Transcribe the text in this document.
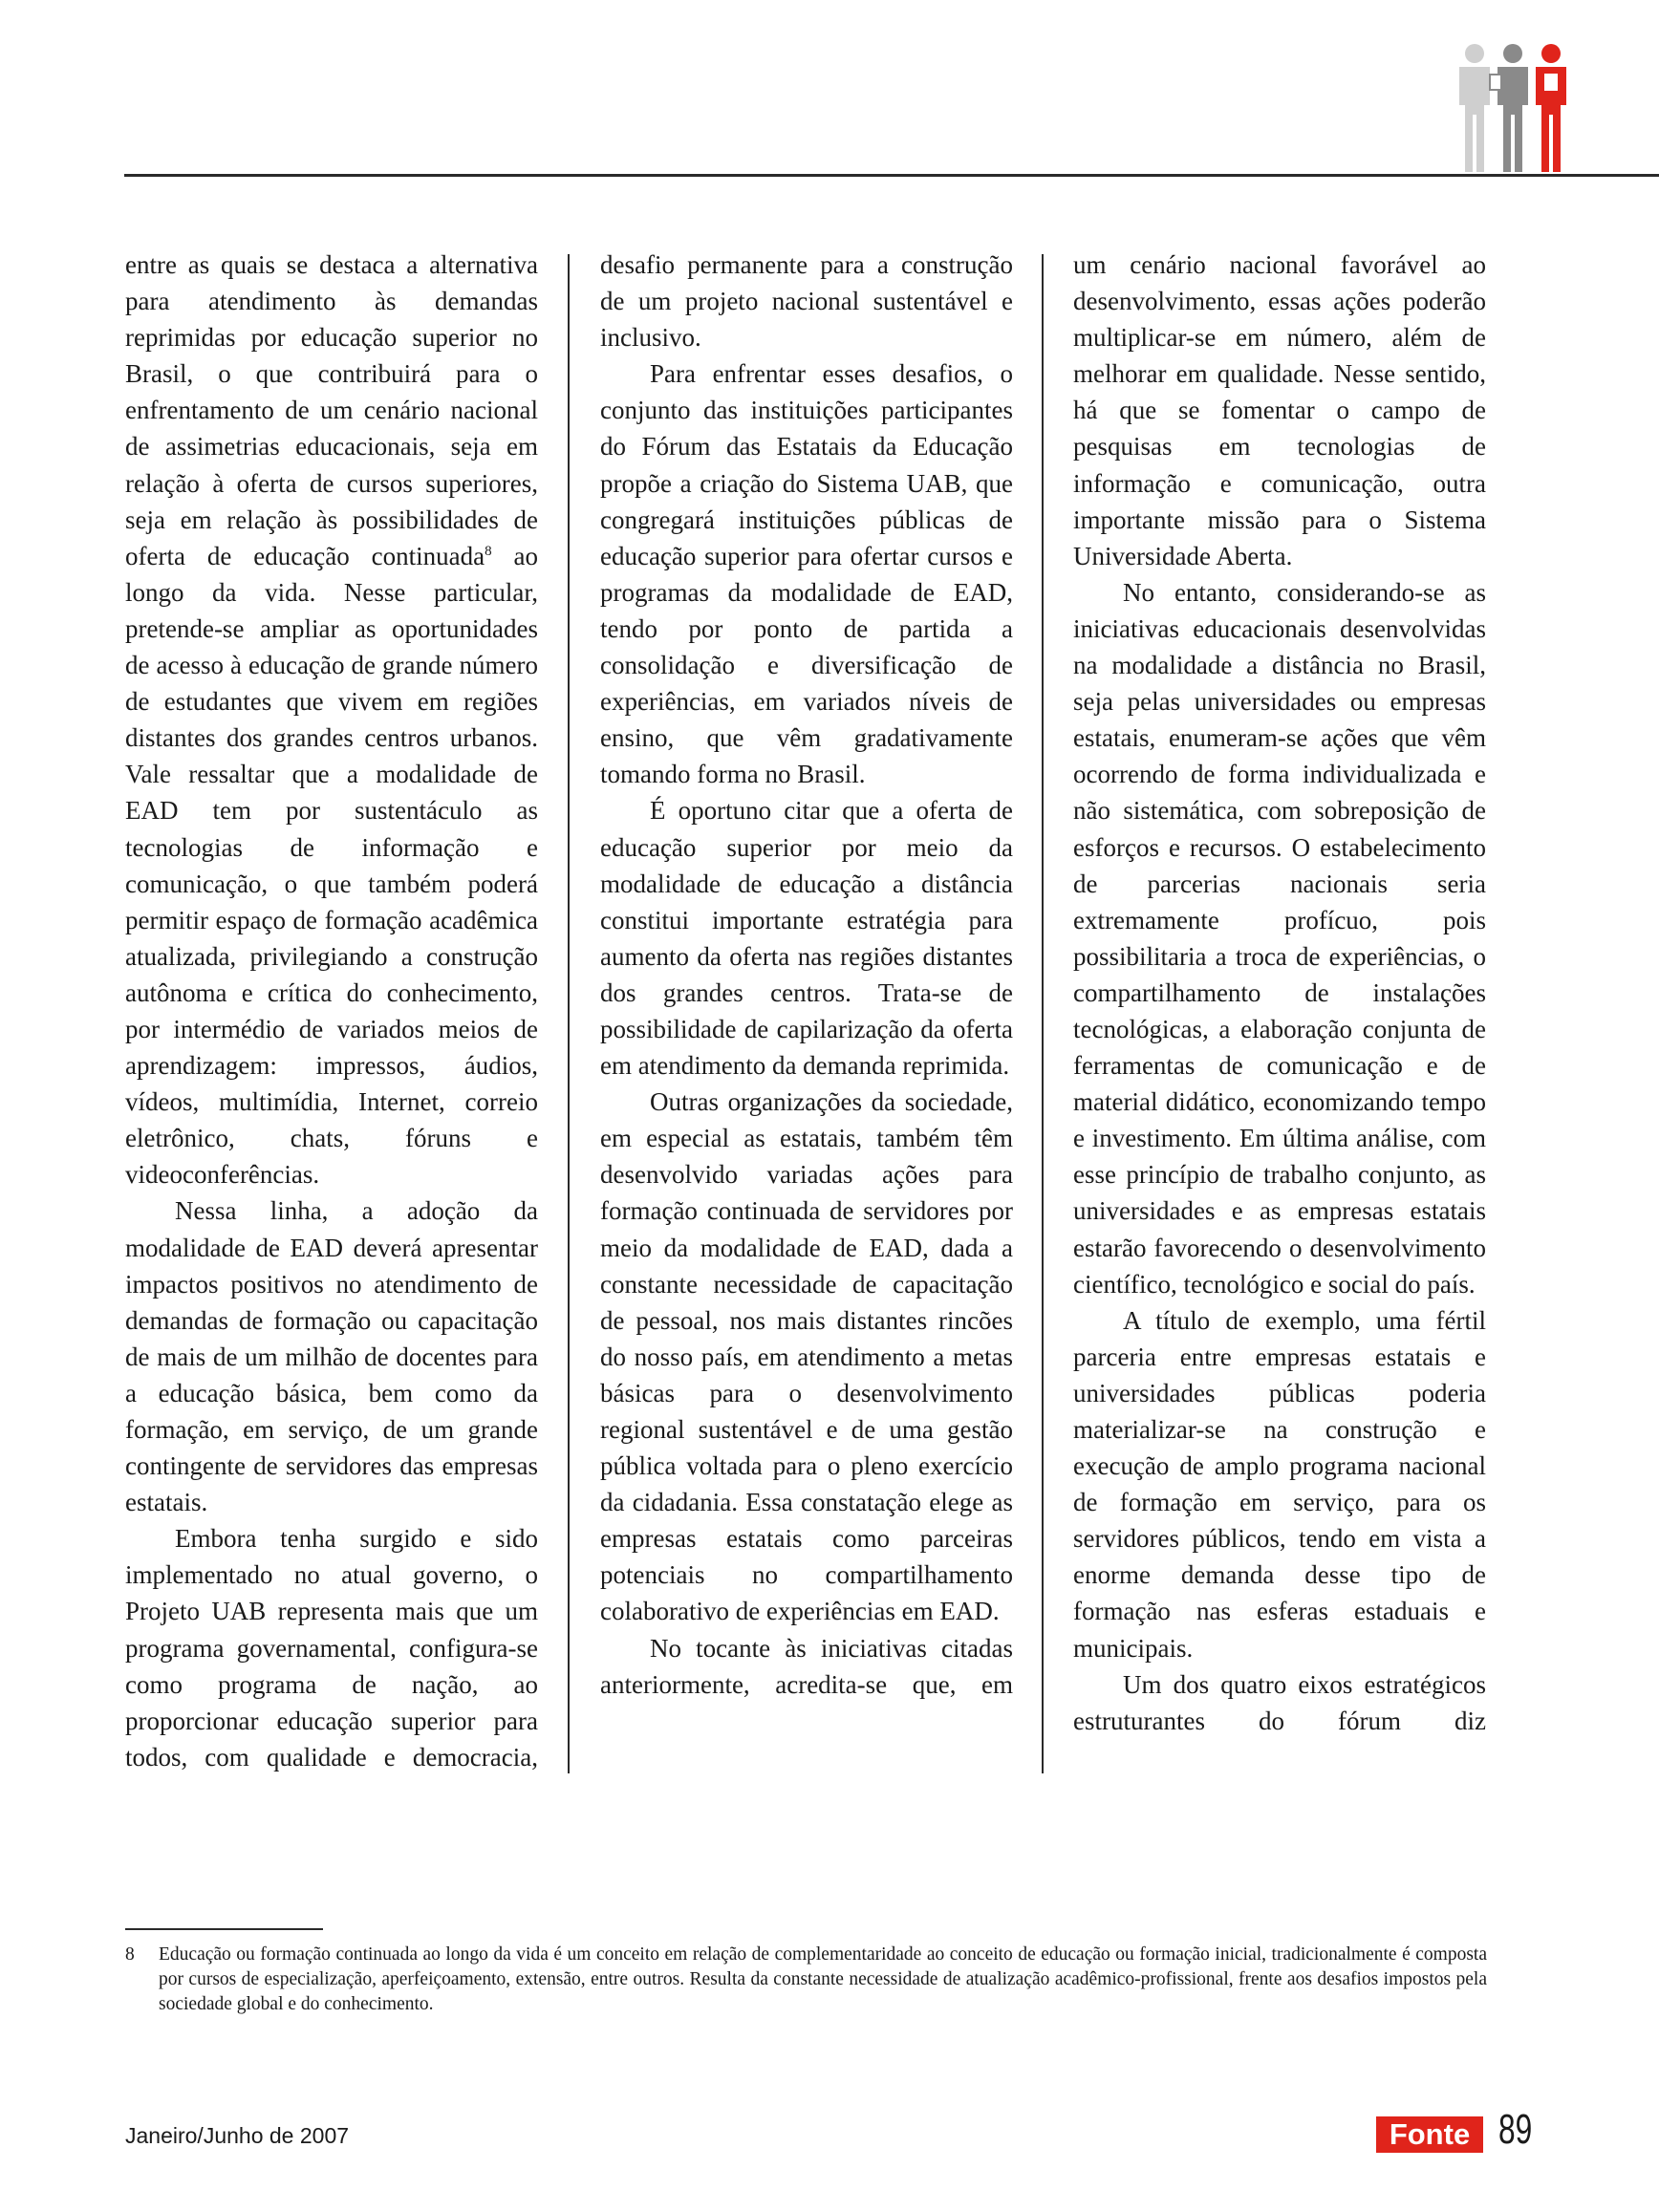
entre as quais se destaca a alternativa para atendimento às demandas reprimidas por educação superior no Brasil, o que contribuirá para o enfrentamento de um cenário nacional de assimetrias educacionais, seja em relação à oferta de cursos superiores, seja em relação às possibilidades de oferta de educação continuada$^8$ ao longo da vida. Nesse particular, pretende-se ampliar as oportunidades de acesso à educação de grande número de estudantes que vivem em regiões distantes dos grandes centros urbanos. Vale ressaltar que a modalidade de EAD tem por sustentáculo as tecnologias de informação e comunicação, o que também poderá permitir espaço de formação acadêmica atualizada, privilegiando a construção autônoma e crítica do conhecimento, por intermédio de variados meios de aprendizagem: impressos, áudios, vídeos, multimídia, Internet, correio eletrônico, chats, fóruns e videoconferências.

Nessa linha, a adoção da modalidade de EAD deverá apresentar impactos positivos no atendimento de demandas de formação ou capacitação de mais de um milhão de docentes para a educação básica, bem como da formação, em serviço, de um grande contingente de servidores das empresas estatais.

Embora tenha surgido e sido implementado no atual governo, o Projeto UAB representa mais que um programa governamental, configura-se como programa de nação, ao proporcionar educação superior para todos, com qualidade e democracia,

desafio permanente para a construção de um projeto nacional sustentável e inclusivo.

Para enfrentar esses desafios, o conjunto das instituições participantes do Fórum das Estatais da Educação propõe a criação do Sistema UAB, que congregará instituições públicas de educação superior para ofertar cursos e programas da modalidade de EAD, tendo por ponto de partida a consolidação e diversificação de experiências, em variados níveis de ensino, que vêm gradativamente tomando forma no Brasil.

É oportuno citar que a oferta de educação superior por meio da modalidade de educação a distância constitui importante estratégia para aumento da oferta nas regiões distantes dos grandes centros. Trata-se de possibilidade de capilarização da oferta em atendimento da demanda reprimida.

Outras organizações da sociedade, em especial as estatais, também têm desenvolvido variadas ações para formação continuada de servidores por meio da modalidade de EAD, dada a constante necessidade de capacitação de pessoal, nos mais distantes rincões do nosso país, em atendimento a metas básicas para o desenvolvimento regional sustentável e de uma gestão pública voltada para o pleno exercício da cidadania. Essa constatação elege as empresas estatais como parceiras potenciais no compartilhamento colaborativo de experiências em EAD.

No tocante às iniciativas citadas anteriormente, acredita-se que, em

um cenário nacional favorável ao desenvolvimento, essas ações poderão multiplicar-se em número, além de melhorar em qualidade. Nesse sentido, há que se fomentar o campo de pesquisas em tecnologias de informação e comunicação, outra importante missão para o Sistema Universidade Aberta.

No entanto, considerando-se as iniciativas educacionais desenvolvidas na modalidade a distância no Brasil, seja pelas universidades ou empresas estatais, enumeram-se ações que vêm ocorrendo de forma individualizada e não sistemática, com sobreposição de esforços e recursos. O estabelecimento de parcerias nacionais seria extremamente profícuo, pois possibilitaria a troca de experiências, o compartilhamento de instalações tecnológicas, a elaboração conjunta de ferramentas de comunicação e de material didático, economizando tempo e investimento. Em última análise, com esse princípio de trabalho conjunto, as universidades e as empresas estatais estarão favorecendo o desenvolvimento científico, tecnológico e social do país.

A título de exemplo, uma fértil parceria entre empresas estatais e universidades públicas poderia materializar-se na construção e execução de amplo programa nacional de formação em serviço, para os servidores públicos, tendo em vista a enorme demanda desse tipo de formação nas esferas estaduais e municipais.

Um dos quatro eixos estratégicos estruturantes do fórum diz

8	Educação ou formação continuada ao longo da vida é um conceito em relação de complementaridade ao conceito de educação ou formação inicial, tradicionalmente é composta por cursos de especialização, aperfeiçoamento, extensão, entre outros. Resulta da constante necessidade de atualização acadêmico-profissional, frente aos desafios impostos pela sociedade global e do conhecimento.
Janeiro/Junho de 2007	Fonte 89
